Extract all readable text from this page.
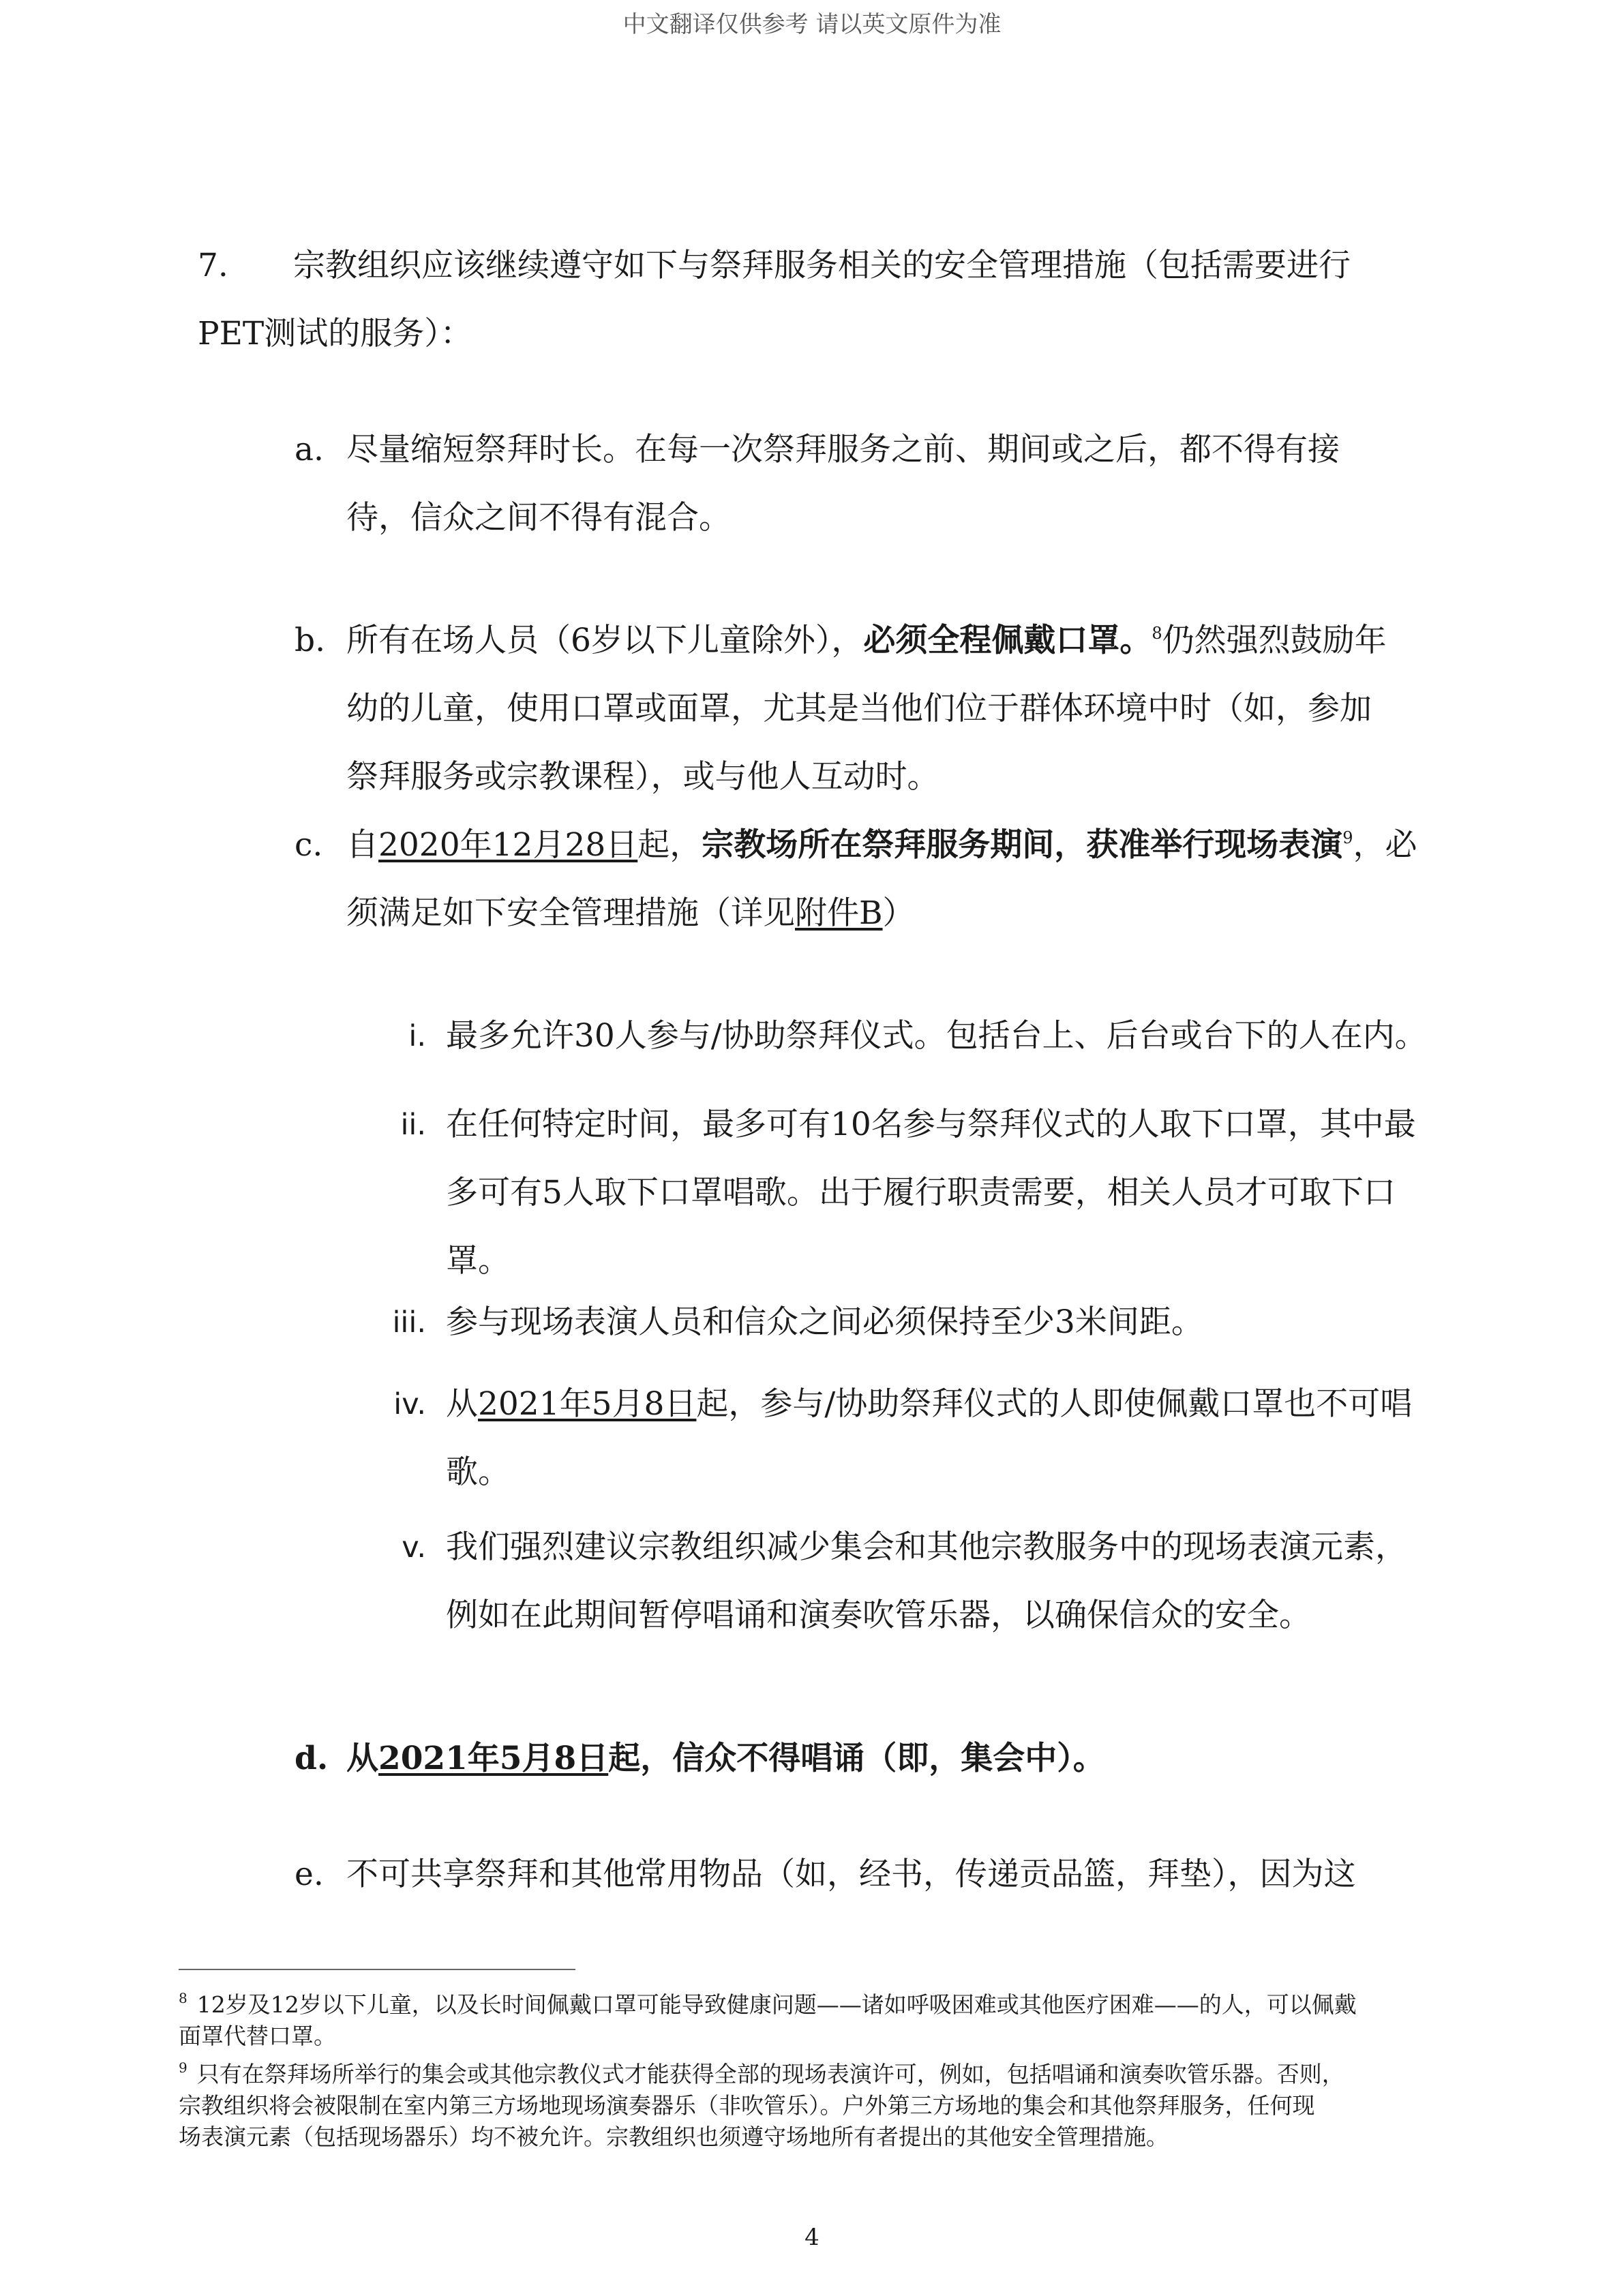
中文翻译仅供参考 请以英文原件为准
7. 宗教组织应该继续遵守如下与祭拜服务相关的安全管理措施（包括需要进行

PET测试的服务）：

a. 尽量缩短祭拜时长。在每一次祭拜服务之前、期间或之后，都不得有接
待，信众之间不得有混合。

b. 所有在场人员（6岁以下儿童除外），必须全程佩戴口罩。$^8$仍然强烈鼓励年
幼的儿童，使用口罩或面罩，尤其是当他们位于群体环境中时（如，参加
祭拜服务或宗教课程），或与他人互动时。

c. 自2020年12月28日起，宗教场所在祭拜服务期间，获准举行现场表演$^9$，必
须满足如下安全管理措施（详见附件B）

i. 最多允许30人参与/协助祭拜仪式。包括台上、后台或台下的人在内。

ii. 在任何特定时间，最多可有10名参与祭拜仪式的人取下口罩，其中最
多可有5人取下口罩唱歌。出于履行职责需要，相关人员才可取下口
罩。

iii. 参与现场表演人员和信众之间必须保持至少3米间距。

iv. 从2021年5月8日起，参与/协助祭拜仪式的人即使佩戴口罩也不可唱
歌。

v. 我们强烈建议宗教组织减少集会和其他宗教服务中的现场表演元素，
例如在此期间暂停唱诵和演奏吹管乐器，以确保信众的安全。

d. 从2021年5月8日起，信众不得唱诵（即，集会中）。

e. 不可共享祭拜和其他常用物品（如，经书，传递贡品篮，拜垫），因为这

$^8$ 12岁及12岁以下儿童，以及长时间佩戴口罩可能导致健康问题——诸如呼吸困难或其他医疗困难——的人，可以佩戴
面罩代替口罩。
$^9$ 只有在祭拜场所举行的集会或其他宗教仪式才能获得全部的现场表演许可，例如，包括唱诵和演奏吹管乐器。否则，
宗教组织将会被限制在室内第三方场地现场演奏器乐（非吹管乐）。户外第三方场地的集会和其他祭拜服务，任何现
场表演元素（包括现场器乐）均不被允许。宗教组织也须遵守场地所有者提出的其他安全管理措施。
4
